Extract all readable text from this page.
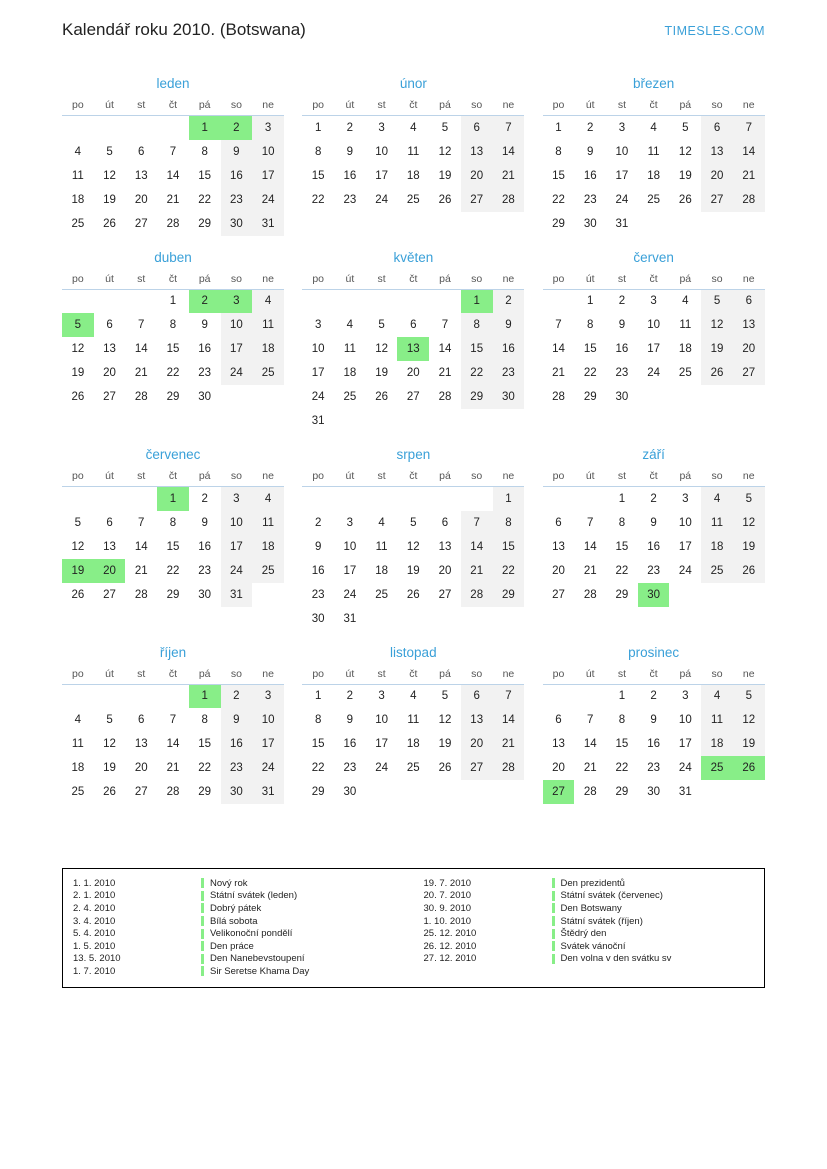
Kalendář roku 2010. (Botswana)	TIMESLES.COM
leden
po	út	st	čt	pá	so	ne
				1	2	3
4	5	6	7	8	9	10
11	12	13	14	15	16	17
18	19	20	21	22	23	24
25	26	27	28	29	30	31
únor
po	út	st	čt	pá	so	ne
1	2	3	4	5	6	7
8	9	10	11	12	13	14
15	16	17	18	19	20	21
22	23	24	25	26	27	28
březen
po	út	st	čt	pá	so	ne
1	2	3	4	5	6	7
8	9	10	11	12	13	14
15	16	17	18	19	20	21
22	23	24	25	26	27	28
29	30	31				
duben
po	út	st	čt	pá	so	ne
			1	2	3	4
5	6	7	8	9	10	11
12	13	14	15	16	17	18
19	20	21	22	23	24	25
26	27	28	29	30		
květen
po	út	st	čt	pá	so	ne
					1	2
3	4	5	6	7	8	9
10	11	12	13	14	15	16
17	18	19	20	21	22	23
24	25	26	27	28	29	30
31						
červen
po	út	st	čt	pá	so	ne
	1	2	3	4	5	6
7	8	9	10	11	12	13
14	15	16	17	18	19	20
21	22	23	24	25	26	27
28	29	30				
červenec
po	út	st	čt	pá	so	ne
			1	2	3	4
5	6	7	8	9	10	11
12	13	14	15	16	17	18
19	20	21	22	23	24	25
26	27	28	29	30	31	
srpen
po	út	st	čt	pá	so	ne
						1
2	3	4	5	6	7	8
9	10	11	12	13	14	15
16	17	18	19	20	21	22
23	24	25	26	27	28	29
30	31					
září
po	út	st	čt	pá	so	ne
		1	2	3	4	5
6	7	8	9	10	11	12
13	14	15	16	17	18	19
20	21	22	23	24	25	26
27	28	29	30			
říjen
po	út	st	čt	pá	so	ne
				1	2	3
4	5	6	7	8	9	10
11	12	13	14	15	16	17
18	19	20	21	22	23	24
25	26	27	28	29	30	31
listopad
po	út	st	čt	pá	so	ne
1	2	3	4	5	6	7
8	9	10	11	12	13	14
15	16	17	18	19	20	21
22	23	24	25	26	27	28
29	30					
prosinec
po	út	st	čt	pá	so	ne
		1	2	3	4	5
6	7	8	9	10	11	12
13	14	15	16	17	18	19
20	21	22	23	24	25	26
27	28	29	30	31		
1. 1. 2010	Nový rok
2. 1. 2010	Státní svátek (leden)
2. 4. 2010	Dobrý pátek
3. 4. 2010	Bílá sobota
5. 4. 2010	Velikonoční pondělí
1. 5. 2010	Den práce
13. 5. 2010	Den Nanebevstoupení
1. 7. 2010	Sir Seretse Khama Day
19. 7. 2010	Den prezidentů
20. 7. 2010	Státní svátek (červenec)
30. 9. 2010	Den Botswany
1. 10. 2010	Státní svátek (říjen)
25. 12. 2010	Štědrý den
26. 12. 2010	Svátek vánoční
27. 12. 2010	Den volna v den svátku sv
